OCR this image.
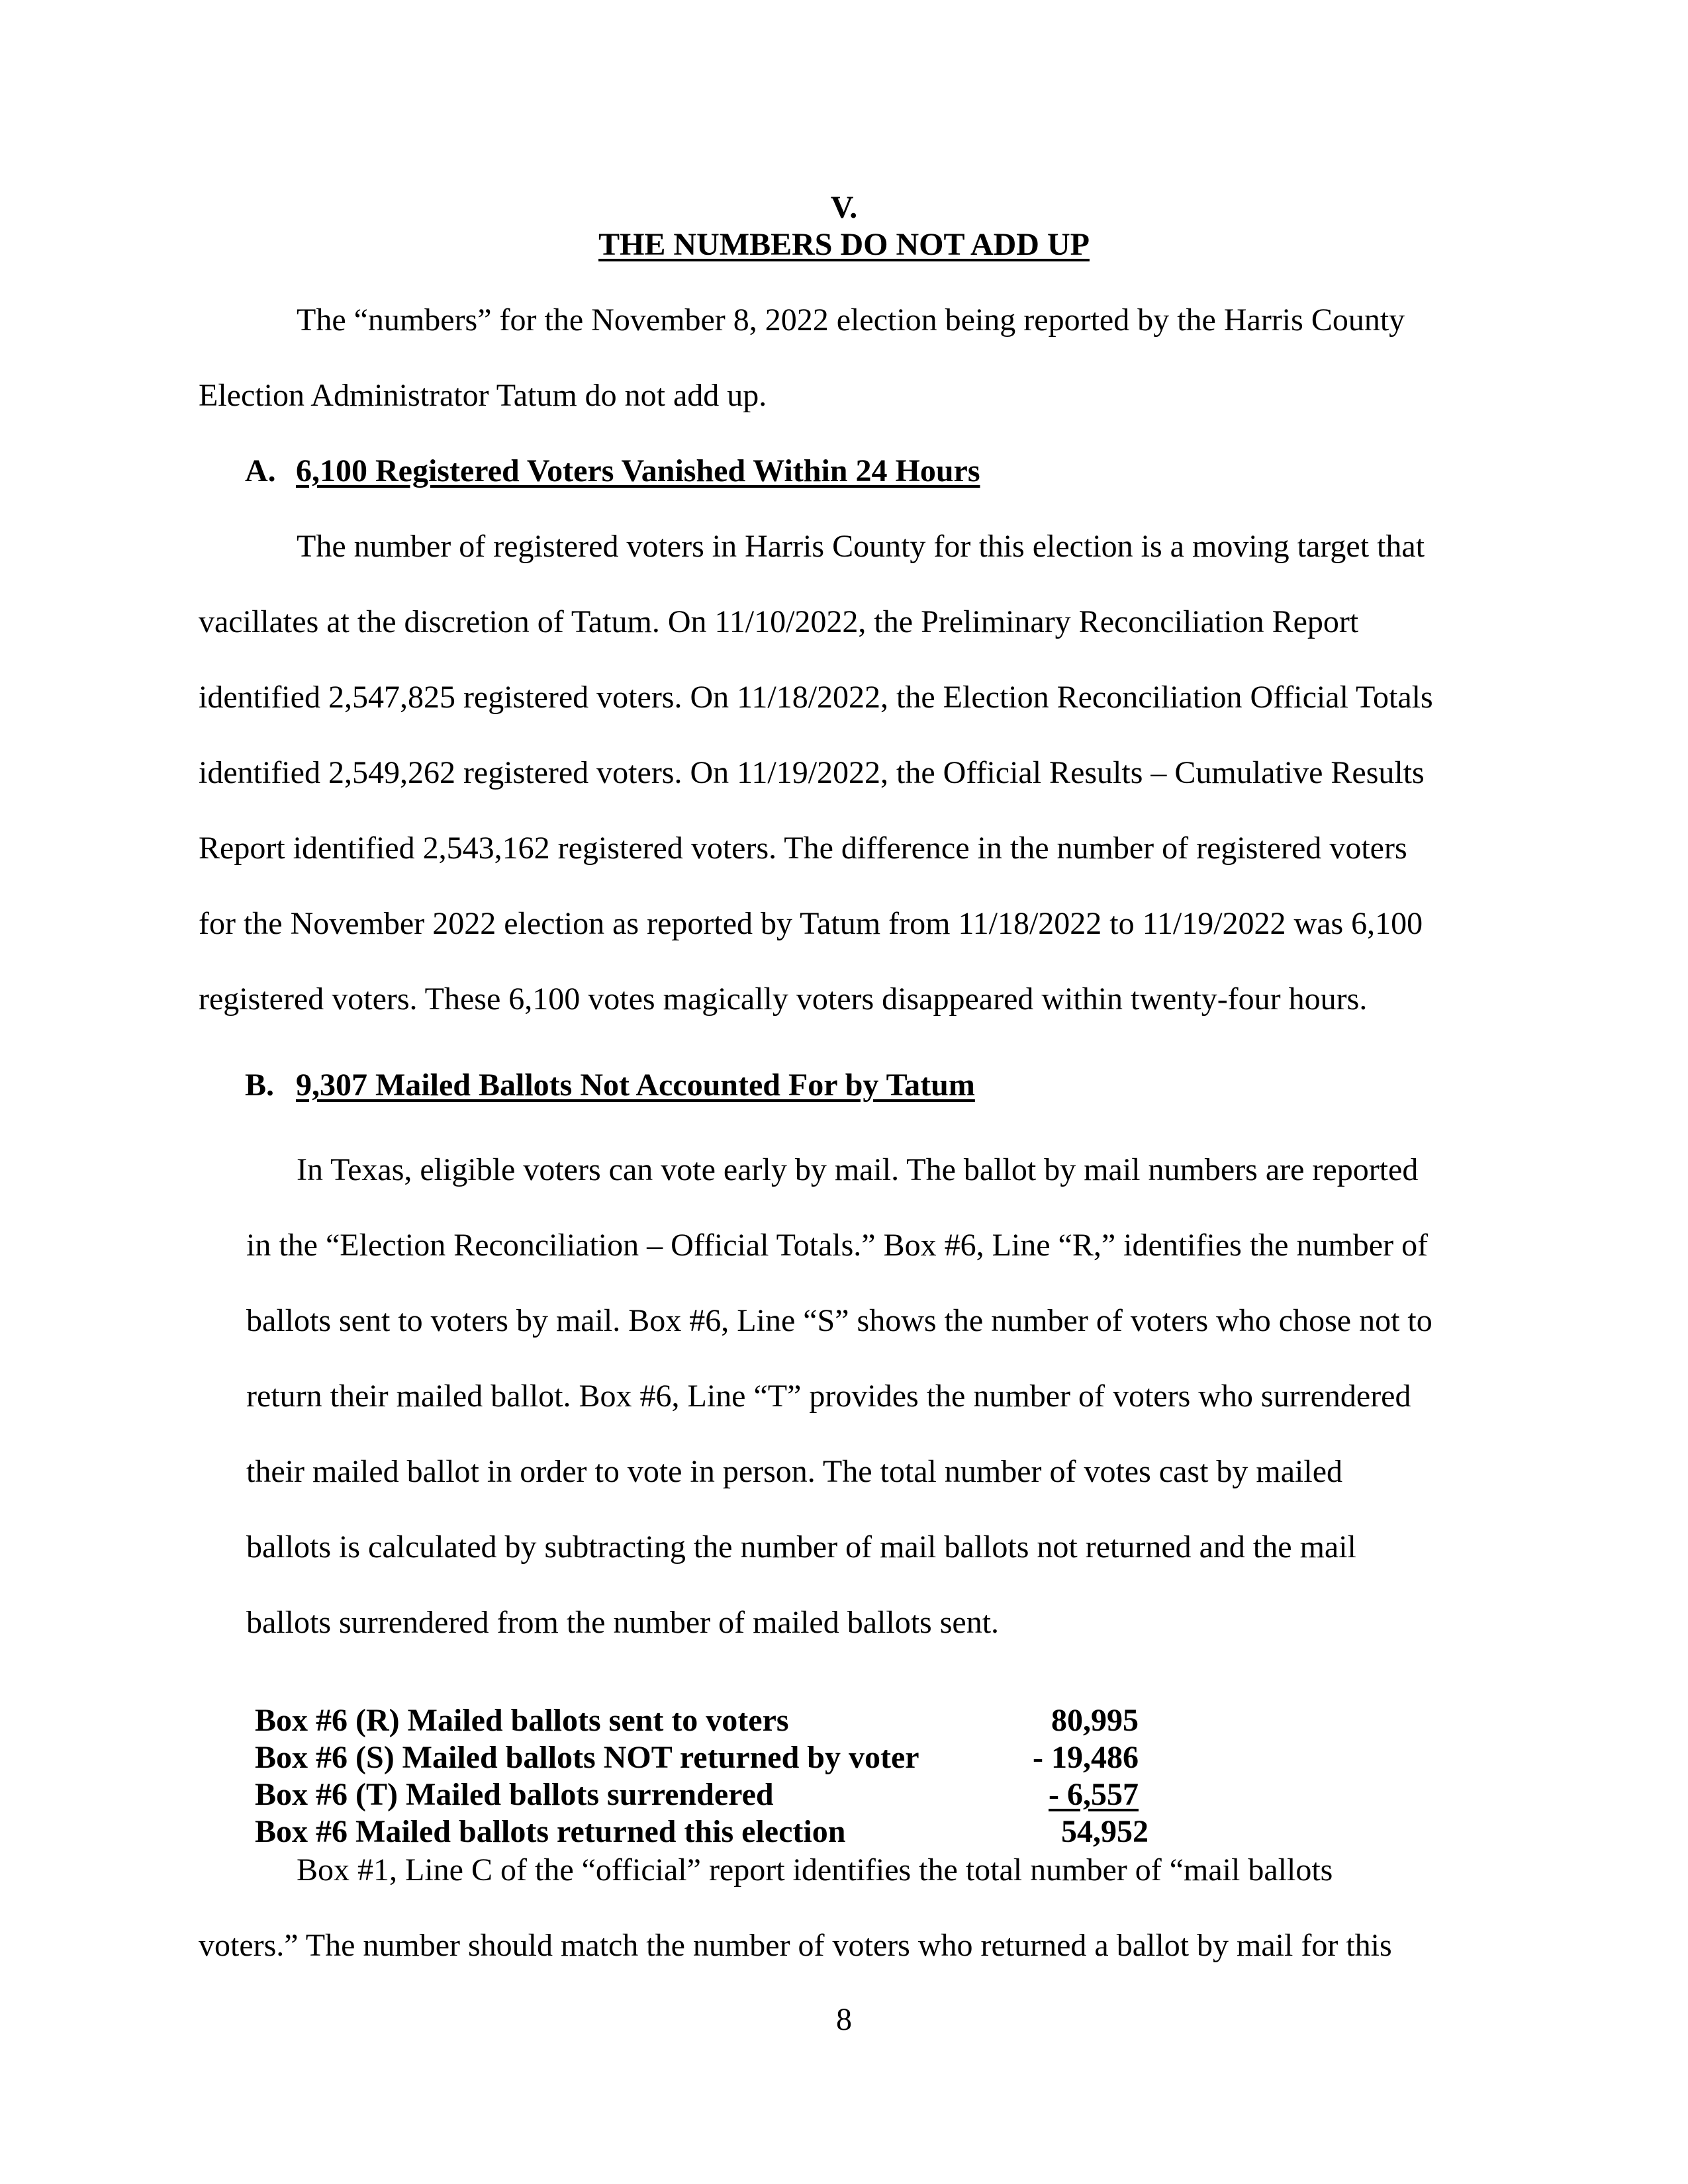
V.
THE NUMBERS DO NOT ADD UP
The “numbers” for the November 8, 2022 election being reported by the Harris County
Election Administrator Tatum do not add up.
A. 6,100 Registered Voters Vanished Within 24 Hours
The number of registered voters in Harris County for this election is a moving target that
vacillates at the discretion of Tatum. On 11/10/2022, the Preliminary Reconciliation Report
identified 2,547,825 registered voters. On 11/18/2022, the Election Reconciliation Official Totals
identified 2,549,262 registered voters. On 11/19/2022, the Official Results – Cumulative Results
Report identified 2,543,162 registered voters. The difference in the number of registered voters
for the November 2022 election as reported by Tatum from 11/18/2022 to 11/19/2022 was 6,100
registered voters. These 6,100 votes magically voters disappeared within twenty-four hours.
B. 9,307 Mailed Ballots Not Accounted For by Tatum
In Texas, eligible voters can vote early by mail. The ballot by mail numbers are reported
in the “Election Reconciliation – Official Totals.” Box #6, Line “R,” identifies the number of
ballots sent to voters by mail. Box #6, Line “S” shows the number of voters who chose not to
return their mailed ballot. Box #6, Line “T” provides the number of voters who surrendered
their mailed ballot in order to vote in person. The total number of votes cast by mailed
ballots is calculated by subtracting the number of mail ballots not returned and the mail
ballots surrendered from the number of mailed ballots sent.
Box #6 (R) Mailed ballots sent to voters	80,995
Box #6 (S) Mailed ballots NOT returned by voter	- 19,486
Box #6 (T) Mailed ballots surrendered	- 6,557
Box #6 Mailed ballots returned this election	54,952
Box #1, Line C of the “official” report identifies the total number of “mail ballots
voters.” The number should match the number of voters who returned a ballot by mail for this
8
